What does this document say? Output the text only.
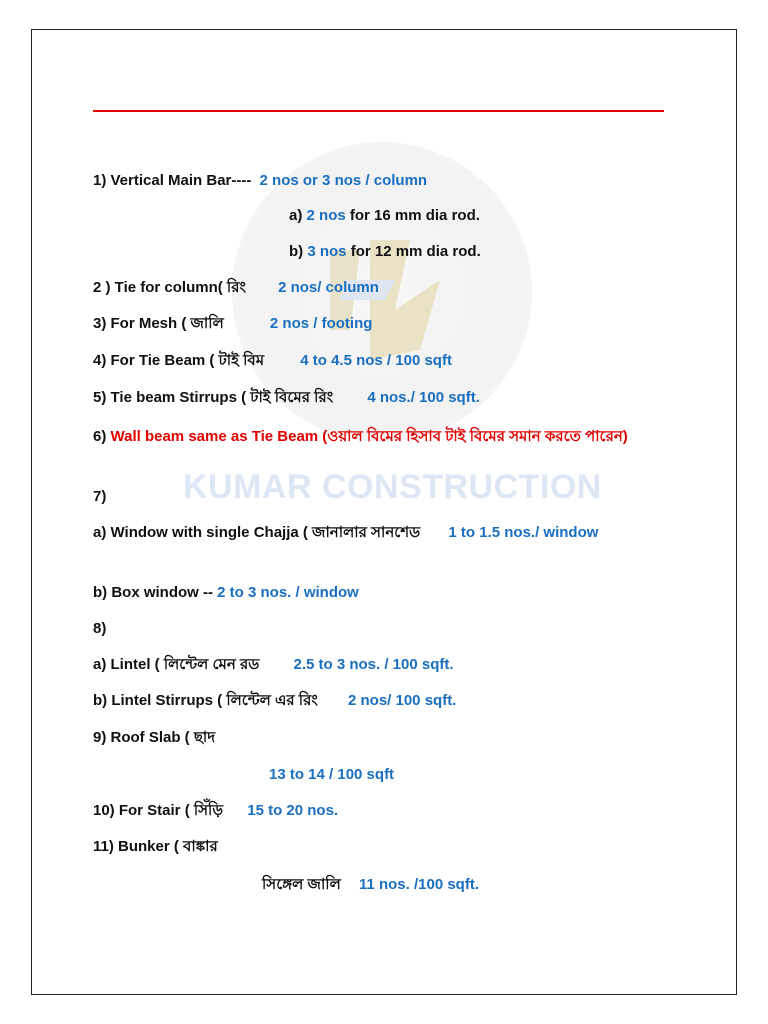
KUMAR CONSTRUCTION
1) Vertical Main Bar---- 2 nos or 3 nos / column
a) 2 nos for 16 mm dia rod.
b) 3 nos for 12 mm dia rod.
2 ) Tie for column( রিং 2 nos/ column
3) For Mesh ( জালি	2 nos / footing
4) For Tie Beam ( টাই বিম 4 to 4.5 nos / 100 sqft
5) Tie beam Stirrups ( টাই বিমের রিং 4 nos./ 100 sqft.
6) Wall beam same as Tie Beam (ওয়াল বিমের হিসাব টাই বিমের সমান করতে পারেন)
7)
a) Window with single Chajja ( জানালার সানশেড 1 to 1.5 nos./ window
b) Box window -- 2 to 3 nos. / window
8)
a) Lintel ( লিন্টেল মেন রড 2.5 to 3 nos. / 100 sqft.
b) Lintel Stirrups ( লিন্টেল এর রিং 2 nos/ 100 sqft.
9) Roof Slab ( ছাদ
13 to 14 / 100 sqft
10) For Stair ( সিঁড়ি 15 to 20 nos.
11) Bunker ( বাঙ্কার
সিঙ্গেল জালি 11 nos. /100 sqft.
